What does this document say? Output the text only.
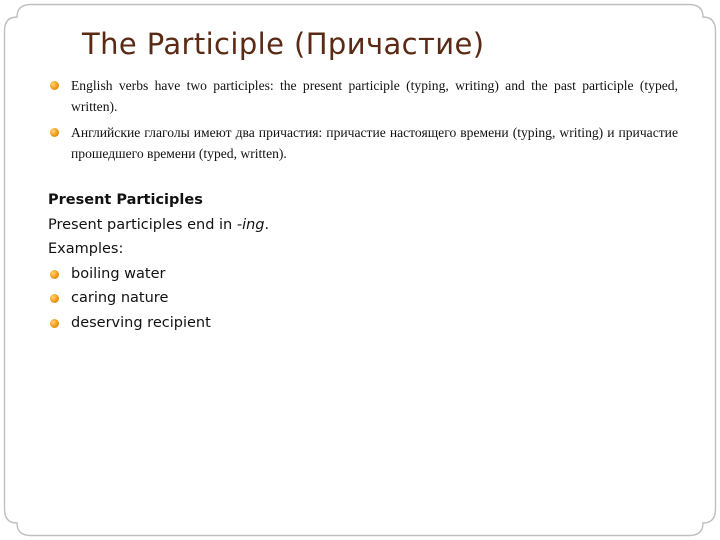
The Participle (Причастие)
English verbs have two participles: the present participle (typing, writing) and the past participle (typed, written).
Английские глаголы имеют два причастия: причастие настоящего времени (typing, writing) и причастие прошедшего времени (typed, written).

Present Participles

Present participles end in -ing.

Examples:

boiling water
caring nature
deserving recipient
